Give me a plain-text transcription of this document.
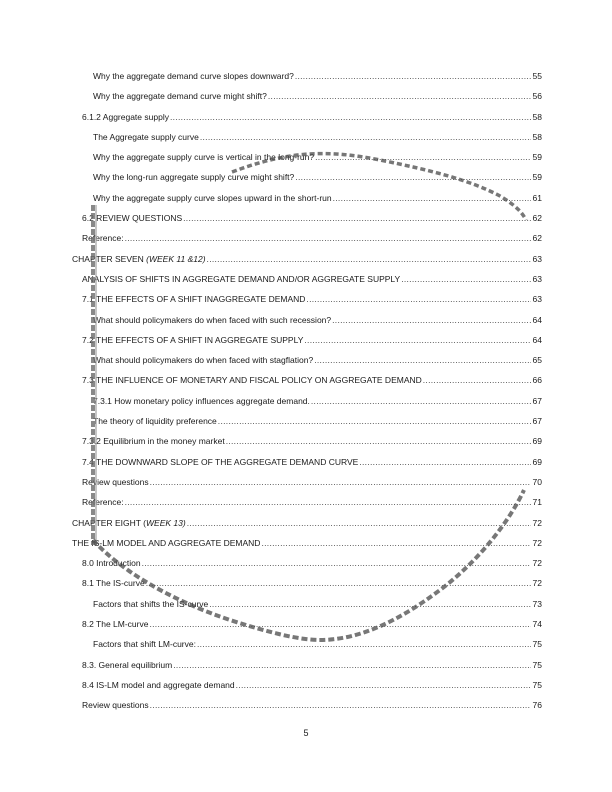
Why the aggregate demand curve slopes downward? .....	55
Why the aggregate demand curve might shift? .....	56
6.1.2 Aggregate supply .....	58
The Aggregate supply curve .....	58
Why the aggregate supply curve is vertical in the long-run? .....	59
Why the long-run aggregate supply curve might shift? .....	59
Why the aggregate supply curve slopes upward in the short-run .....	61
6.2 REVIEW QUESTIONS .....	62
Reference: .....	62
CHAPTER SEVEN (WEEK 11 &12) .....	63
ANALYSIS OF SHIFTS IN AGGREGATE DEMAND AND/OR AGGREGATE SUPPLY .....	63
7.1 THE EFFECTS OF A SHIFT INAGGREGATE DEMAND .....	63
What should policymakers do when faced with such recession? .....	64
7.2 THE EFFECTS OF A SHIFT IN AGGREGATE SUPPLY .....	64
What should policymakers do when faced with stagflation? .....	65
7.3 THE INFLUENCE OF MONETARY AND FISCAL POLICY ON AGGREGATE DEMAND .....	66
7.3.1 How monetary policy influences aggregate demand. .....	67
The theory of liquidity preference .....	67
7.3.2 Equilibrium in the money market .....	69
7.4 THE DOWNWARD SLOPE OF THE AGGREGATE DEMAND CURVE .....	69
Review questions .....	70
Reference: .....	71
CHAPTER EIGHT (WEEK 13) .....	72
THE IS-LM MODEL AND AGGREGATE DEMAND .....	72
8.0 Introduction .....	72
8.1 The IS-curve .....	72
Factors that shifts the IS-curve .....	73
8.2 The LM-curve .....	74
Factors that shift LM-curve: .....	75
8.3. General equilibrium .....	75
8.4 IS-LM model and aggregate demand .....	75
Review questions .....	76
5
